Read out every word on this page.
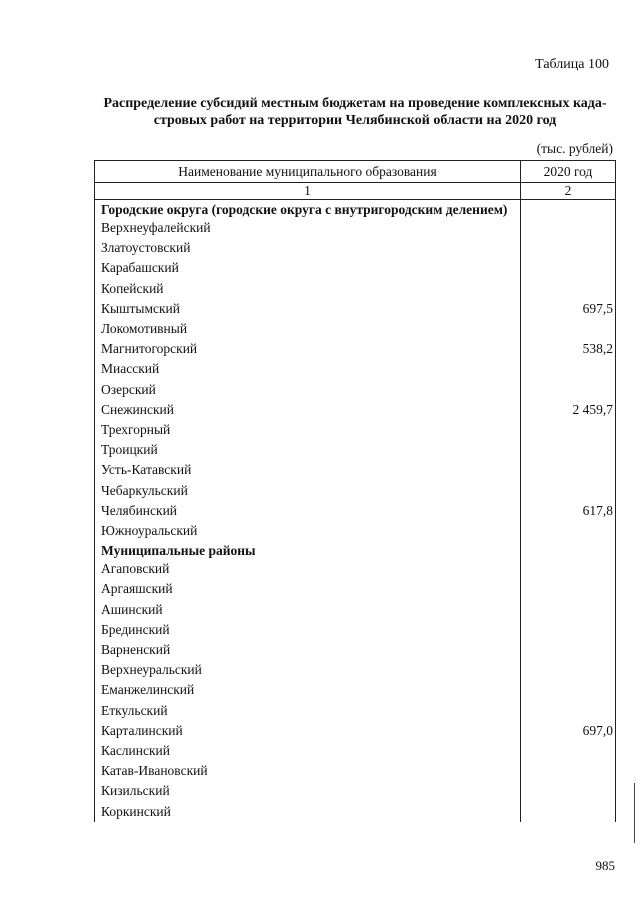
Таблица 100
Распределение субсидий местным бюджетам на проведение комплексных кадастровых работ на территории Челябинской области на 2020 год
(тыс. рублей)
Наименование муниципального образования	2020 год
1	2
Городские округа (городские округа с внутригородским делением)
Верхнеуфалейский
Златоустовский
Карабашский
Копейский
Кыштымский	697,5
Локомотивный
Магнитогорский	538,2
Миасский
Озерский
Снежинский	2 459,7
Трехгорный
Троицкий
Усть-Катавский
Чебаркульский
Челябинский	617,8
Южноуральский
Муниципальные районы
Агаповский
Аргаяшский
Ашинский
Брединский
Варненский
Верхнеуральский
Еманжелинский
Еткульский
Карталинский	697,0
Каслинский
Катав-Ивановский
Кизильский
Коркинский
985
